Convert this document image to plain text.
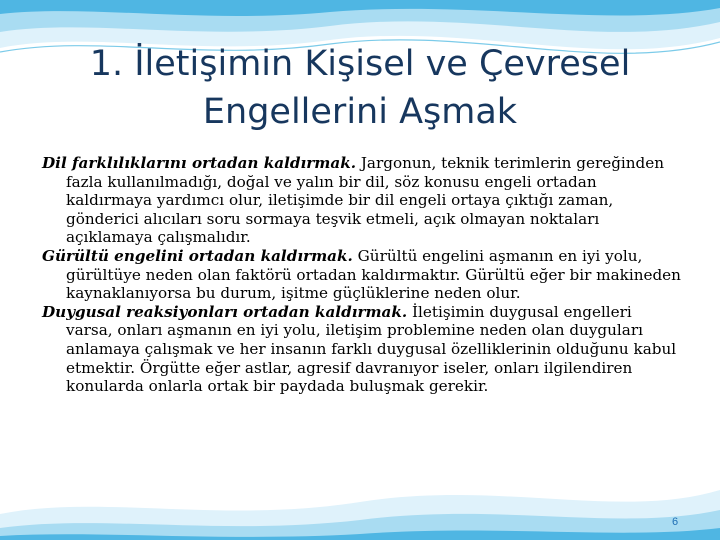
1. İletişimin Kişisel ve Çevresel
Engellerini Aşmak

Dil farklılıklarını ortadan kaldırmak. Jargonun, teknik terimlerin gereğinden fazla kullanılmadığı, doğal ve yalın bir dil, söz konusu engeli ortadan kaldırmaya yardımcı olur, iletişimde bir dil engeli ortaya çıktığı zaman, gönderici alıcıları soru sormaya teşvik etmeli, açık olmayan noktaları açıklamaya çalışmalıdır.

Gürültü engelini ortadan kaldırmak. Gürültü engelini aşmanın en iyi yolu, gürültüye neden olan faktörü ortadan kaldırmaktır. Gürültü eğer bir makineden kaynaklanıyorsa bu durum, işitme güçlüklerine neden olur.

Duygusal reaksiyonları ortadan kaldırmak. İletişimin duygusal engelleri varsa, onları aşmanın en iyi yolu, iletişim problemine neden olan duyguları anlamaya çalışmak ve her insanın farklı duygusal özelliklerinin olduğunu kabul etmektir. Örgütte eğer astlar, agresif davranıyor iseler, onları ilgilendiren konularda onlarla ortak bir paydada buluşmak gerekir.

6
